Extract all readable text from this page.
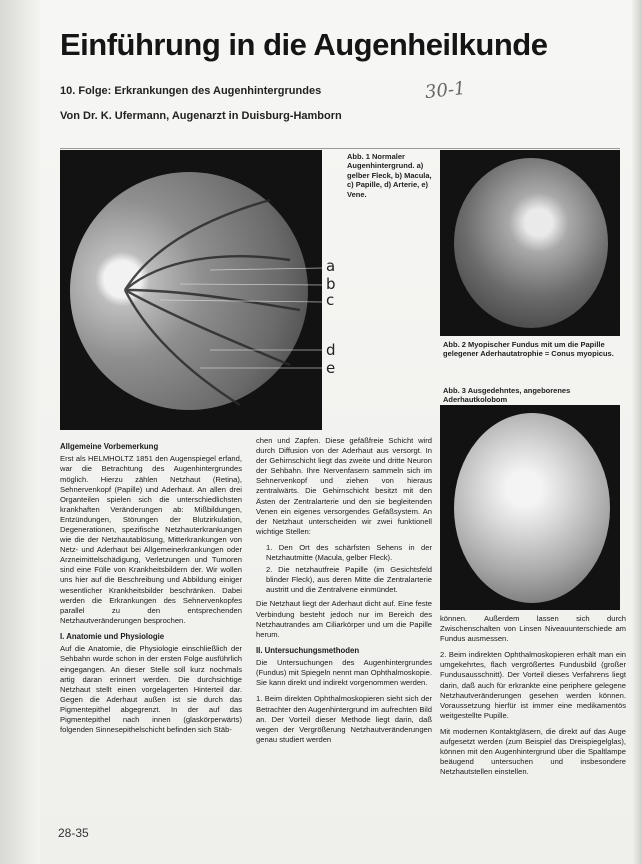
Einführung in die Augenheilkunde
10. Folge: Erkrankungen des Augenhintergrundes
Von Dr. K. Ufermann, Augenarzt in Duisburg-Hamborn
30-1
a
b
c
d
e

Abb. 1 Normaler Augenhintergrund. a) gelber Fleck, b) Macula, c) Papille, d) Arterie, e) Vene.

Abb. 2 Myopischer Fundus mit um die Papille gelegener Aderhautatrophie = Conus myopicus.

Abb. 3 Ausgedehntes, angeborenes Aderhautkolobom

Allgemeine Vorbemerkung

Erst als HELMHOLTZ 1851 den Augenspiegel erfand, war die Betrachtung des Augenhintergrundes möglich. Hierzu zählen Netzhaut (Retina), Sehnervenkopf (Papille) und Aderhaut. An allen drei Organteilen spielen sich die unterschiedlichsten krankhaften Veränderungen ab: Mißbildungen, Entzündungen, Störungen der Blutzirkulation, Degenerationen, spezifische Netzhauterkrankungen wie die der Netzhautablösung, Mitterkrankungen von Netz- und Aderhaut bei Allgemeinerkrankungen oder Arzneimittelschädigung, Verletzungen und Tumoren sind eine Fülle von Krankheitsbildern der. Wir wollen uns hier auf die Beschreibung und Abbildung einiger wesentlicher Krankheitsbilder beschränken. Dabei werden die Erkrankungen des Sehnervenkopfes parallel zu den entsprechenden Netzhautveränderungen besprochen.

I. Anatomie und Physiologie

Auf die Anatomie, die Physiologie einschließlich der Sehbahn wurde schon in der ersten Folge ausführlich eingegangen. An dieser Stelle soll kurz nochmals artig daran erinnert werden. Die durchsichtige Netzhaut stellt einen vorgelagerten Hinterteil dar. Gegen die Aderhaut außen ist sie durch das Pigmentepithel abgegrenzt. In der auf das Pigmentepithel nach innen (glaskörperwärts) folgenden Sinnesepithelschicht befinden sich Stäb-

chen und Zapfen. Diese gefäßfreie Schicht wird durch Diffusion von der Aderhaut aus versorgt. In der Gehirnschicht liegt das zweite und dritte Neuron der Sehbahn. Ihre Nervenfasern sammeln sich im Sehnervenkopf und ziehen von hieraus zentralwärts. Die Gehirnschicht besitzt mit den Ästen der Zentralarterie und den sie begleitenden Venen ein eigenes versorgendes Gefäßsystem. An der Netzhaut unterscheiden wir zwei funktionell wichtige Stellen:

1. Den Ort des schärfsten Sehens in der Netzhautmitte (Macula, gelber Fleck).
2. Die netzhautfreie Papille (im Gesichtsfeld blinder Fleck), aus deren Mitte die Zentralarterie austritt und die Zentralvene einmündet.

Die Netzhaut liegt der Aderhaut dicht auf. Eine feste Verbindung besteht jedoch nur im Bereich des Netzhautrandes am Ciliarkörper und um die Papille herum.

II. Untersuchungsmethoden

Die Untersuchungen des Augenhintergrundes (Fundus) mit Spiegeln nennt man Ophthalmoskopie. Sie kann direkt und indirekt vorgenommen werden.

1. Beim direkten Ophthalmoskopieren sieht sich der Betrachter den Augenhintergrund im aufrechten Bild an. Der Vorteil dieser Methode liegt darin, daß wegen der Vergrößerung Netzhautveränderungen genau studiert werden

können. Außerdem lassen sich durch Zwischenschalten von Linsen Niveauunterschiede am Fundus ausmessen.

2. Beim indirekten Ophthalmoskopieren erhält man ein umgekehrtes, flach vergrößertes Fundusbild (großer Fundusausschnitt). Der Vorteil dieses Verfahrens liegt darin, daß auch für erkrankte eine periphere gelegene Netzhautveränderungen gesehen werden können. Voraussetzung hierfür ist immer eine medikamentös weitgestellte Pupille.

Mit modernen Kontaktgläsern, die direkt auf das Auge aufgesetzt werden (zum Beispiel das Dreispiegelglas), können mit den Augenhintergrund über die Spaltlampe beäugend untersuchen und insbesondere Netzhautstellen einstellen.

28-35
